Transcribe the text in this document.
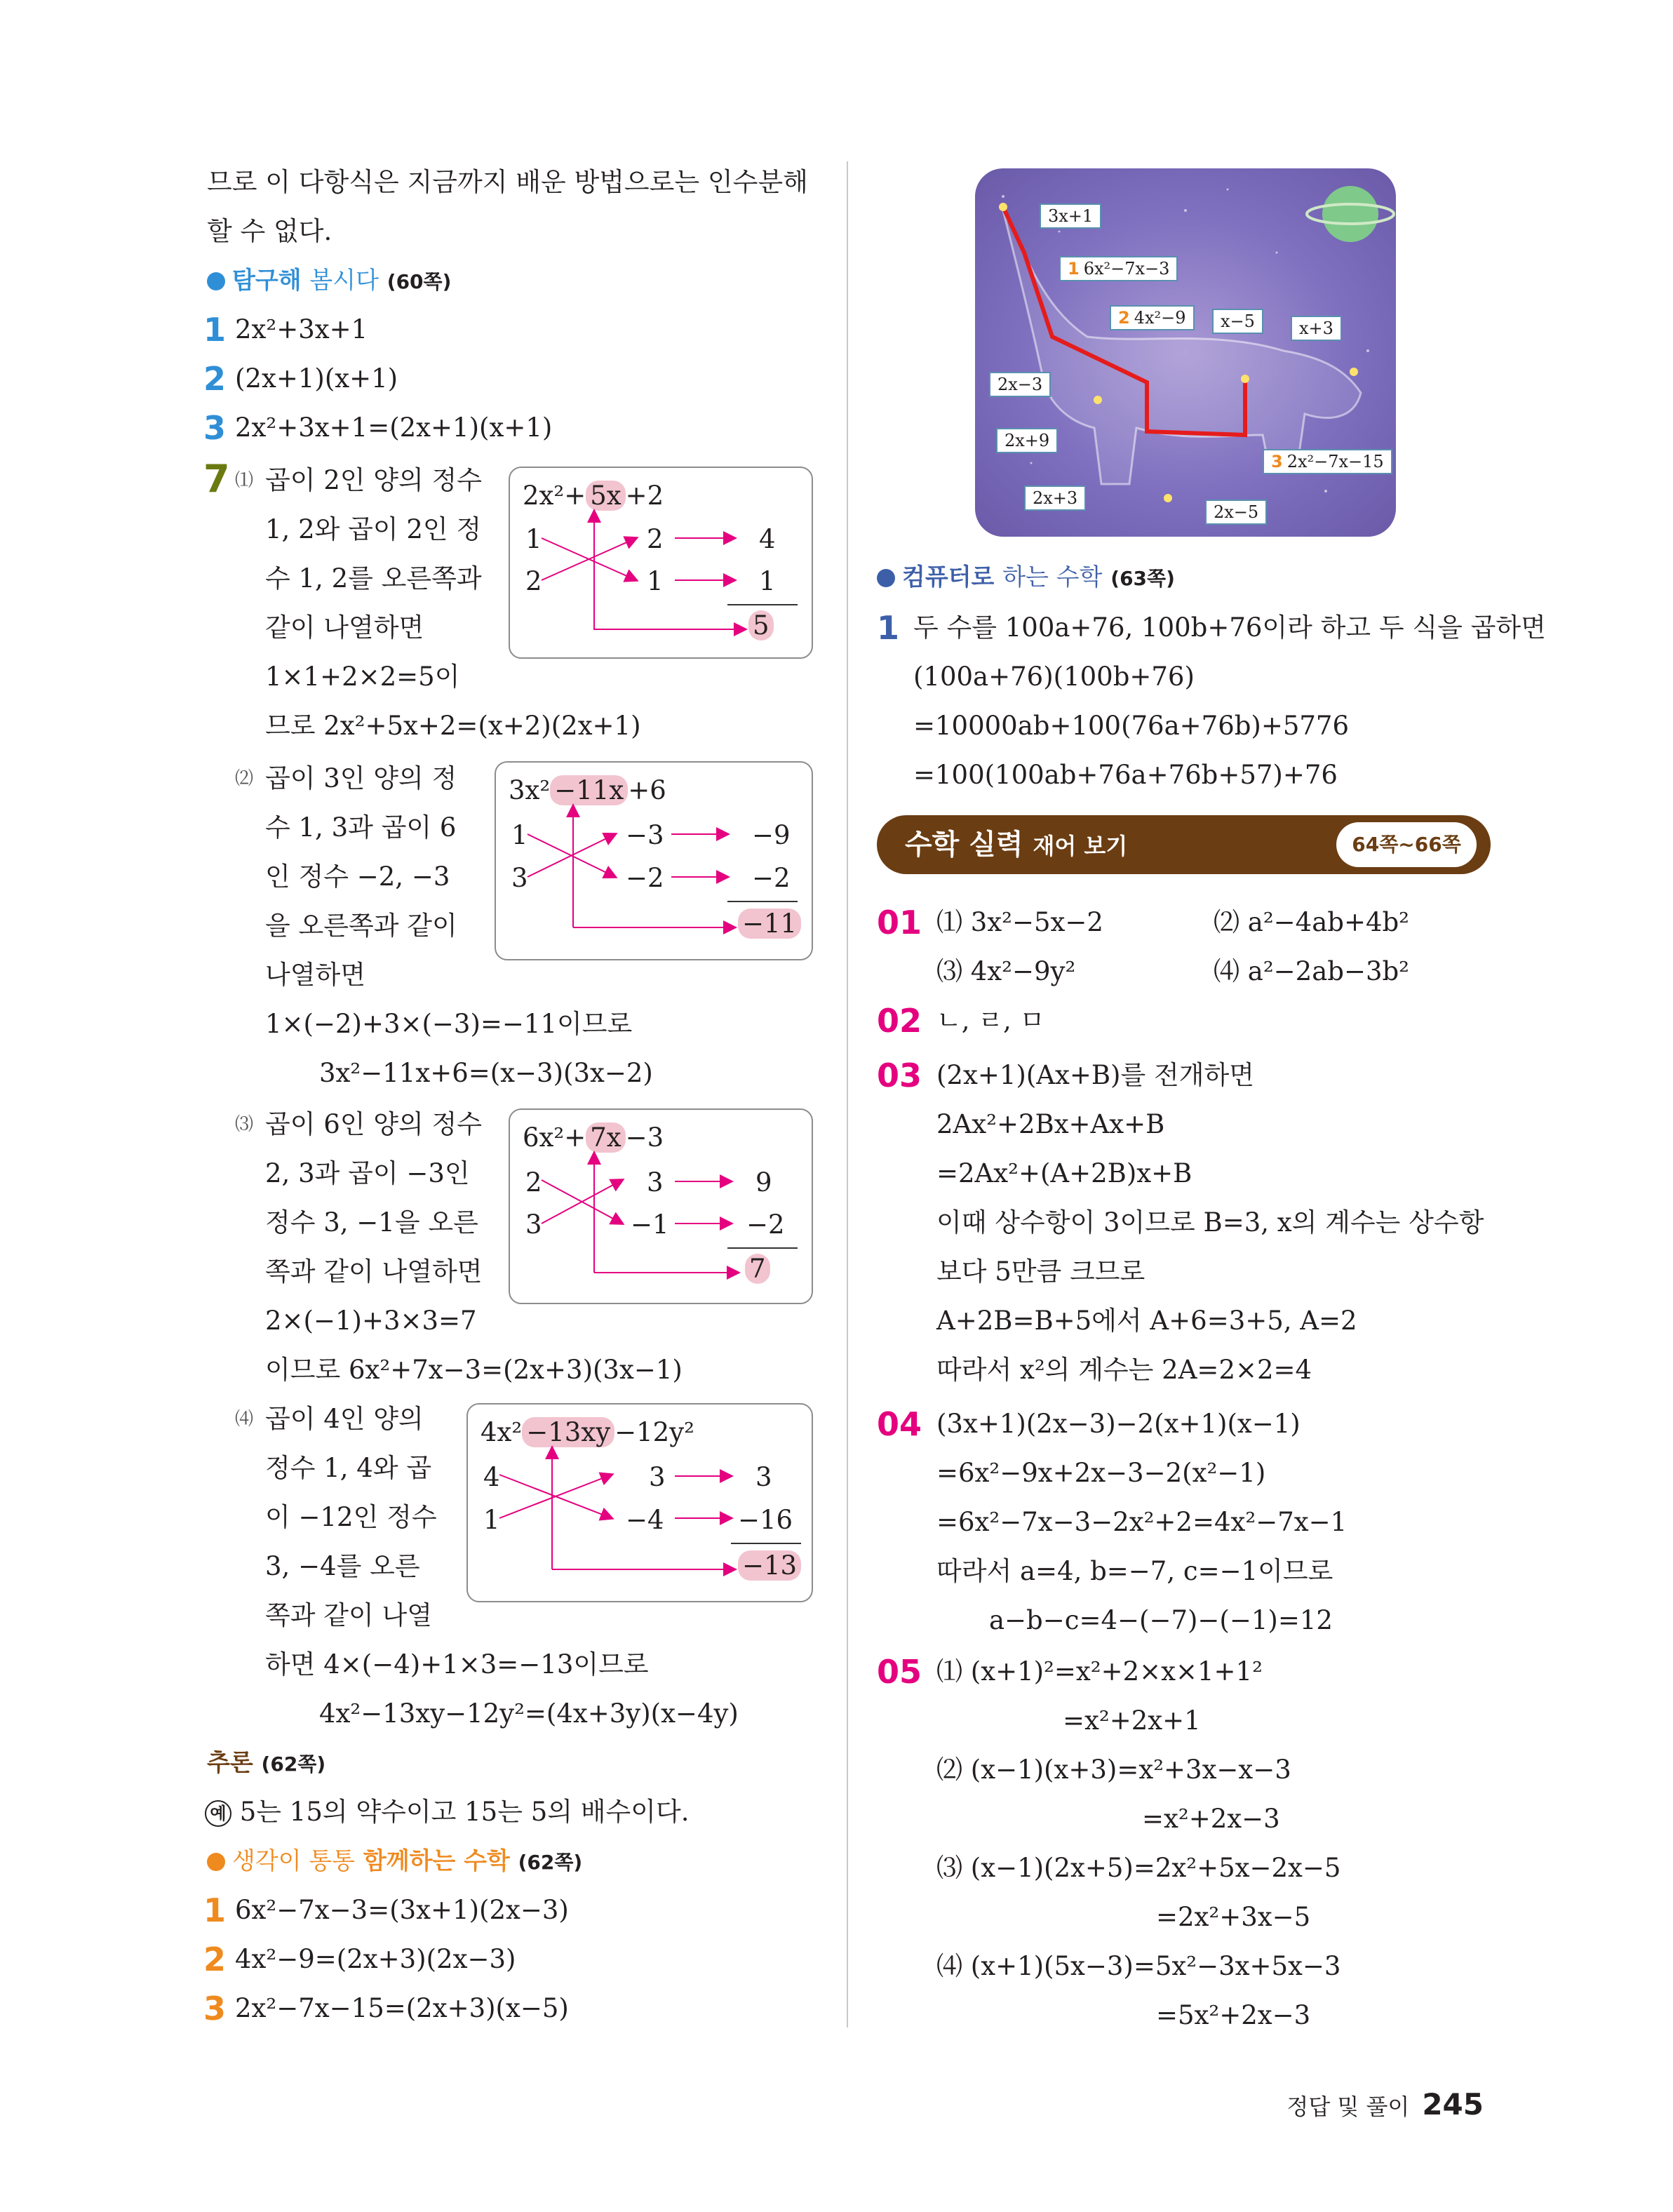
므로 이 다항식은 지금까지 배운 방법으로는 인수분해
할 수 없다.
탐구해 봄시다 (60쪽)
1 2x²+3x+1
2 (2x+1)(x+1)
3 2x²+3x+1=(2x+1)(x+1)
7 ⑴ 곱이 2인 양의 정수
1, 2와 곱이 2인 정
수 1, 2를 오른쪽과
같이 나열하면
1×1+2×2=5이
므로 2x²+5x+2=(x+2)(2x+1)
2x²+ 5x +2
1	2	4
2	1	1
5
⑵ 곱이 3인 양의 정
수 1, 3과 곱이 6
인 정수 −2, −3
을 오른쪽과 같이
나열하면
1×(−2)+3×(−3)=−11이므로
3x²−11x+6=(x−3)(3x−2)
3x² −11x +6
1	−3	−9
3	−2	−2
−11
⑶ 곱이 6인 양의 정수
2, 3과 곱이 −3인
정수 3, −1을 오른
쪽과 같이 나열하면
2×(−1)+3×3=7
이므로 6x²+7x−3=(2x+3)(3x−1)
6x²+ 7x −3
2	3	9
3	−1	−2
7
⑷ 곱이 4인 양의
정수 1, 4와 곱
이 −12인 정수
3, −4를 오른
쪽과 같이 나열
하면 4×(−4)+1×3=−13이므로
4x²−13xy−12y²=(4x+3y)(x−4y)
4x² −13xy −12y²
4	3	3
1	−4	−16
−13
추론 (62쪽)
예 5는 15의 약수이고 15는 5의 배수이다.
생각이 통통 함께하는 수학 (62쪽)
1 6x²−7x−3=(3x+1)(2x−3)
2 4x²−9=(2x+3)(2x−3)
3 2x²−7x−15=(2x+3)(x−5)
3x+1
1 6x²−7x−3
2 4x²−9	x−5	x+3
2x−3
2x+9
3 2x²−7x−15
2x+3
2x−5
컴퓨터로 하는 수학 (63쪽)
1 두 수를 100a+76, 100b+76이라 하고 두 식을 곱하면
(100a+76)(100b+76)
=10000ab+100(76a+76b)+5776
=100(100ab+76a+76b+57)+76
수학 실력 재어 보기	64쪽~66쪽
01 ⑴ 3x²−5x−2	⑵ a²−4ab+4b²
⑶ 4x²−9y²	⑷ a²−2ab−3b²
02 ㄴ, ㄹ, ㅁ
03 (2x+1)(Ax+B)를 전개하면
2Ax²+2Bx+Ax+B
=2Ax²+(A+2B)x+B
이때 상수항이 3이므로 B=3, x의 계수는 상수항
보다 5만큼 크므로
A+2B=B+5에서 A+6=3+5, A=2
따라서 x²의 계수는 2A=2×2=4
04 (3x+1)(2x−3)−2(x+1)(x−1)
=6x²−9x+2x−3−2(x²−1)
=6x²−7x−3−2x²+2=4x²−7x−1
따라서 a=4, b=−7, c=−1이므로
a−b−c=4−(−7)−(−1)=12
05 ⑴ (x+1)²=x²+2×x×1+1²
=x²+2x+1
⑵ (x−1)(x+3)=x²+3x−x−3
=x²+2x−3
⑶ (x−1)(2x+5)=2x²+5x−2x−5
=2x²+3x−5
⑷ (x+1)(5x−3)=5x²−3x+5x−3
=5x²+2x−3
정답 및 풀이 245
